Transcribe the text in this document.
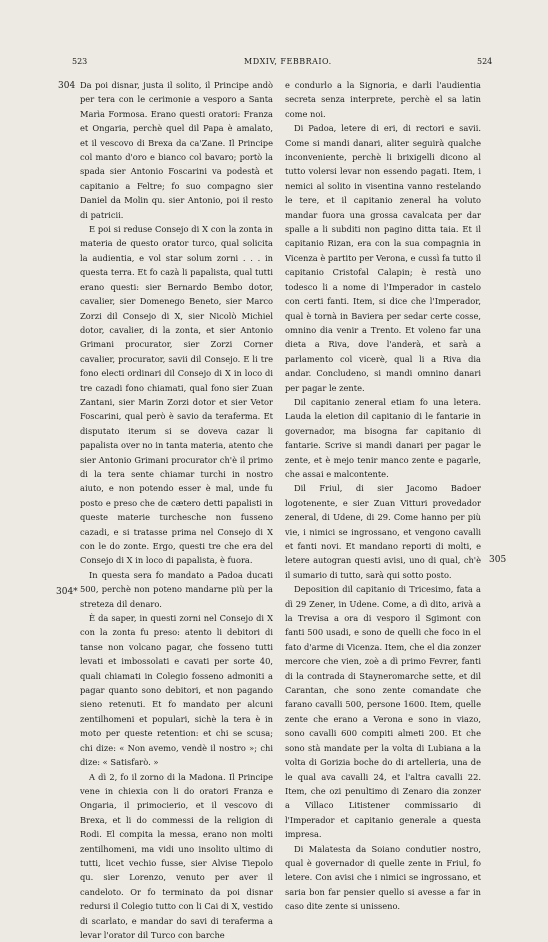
523	MDXIV, FEBBRAIO.	524
304
304*
305

Da poi disnar, justa il solito, il Principe andò per tera con le cerimonie a vesporo a Santa Marìa Formosa. Erano questi oratori: Franza et Ongaria, perchè quel dil Papa è amalato, et il vescovo di Brexa da ca'Zane. Il Principe col manto d'oro e bianco col bavaro; portò la spada sier Antonio Foscarini va podestà et capitanio a Feltre; fo suo compagno sier Daniel da Molin qu. sier Antonio, poi il resto di patricii.

E poi si reduse Consejo di X con la zonta in materia de questo orator turco, qual solicita la audientia, e vol star solum zorni . . . in questa terra. Et fo cazà li papalista, qual tutti erano questi: sier Bernardo Bembo dotor, cavalier, sier Domenego Beneto, sier Marco Zorzi dil Consejo di X, sier Nicolò Michiel dotor, cavalier, di la zonta, et sier Antonio Grimani procurator, sier Zorzi Corner cavalier, procurator, savii dil Consejo. E li tre fono electi ordinari dil Consejo di X in loco di tre cazadi fono chiamati, qual fono sier Zuan Zantani, sier Marin Zorzi dotor et sier Vetor Foscarini, qual però è savio da teraferma. Et disputato iterum si se doveva cazar li papalista over no in tanta materia, atento che sier Antonio Grimani procurator ch'è il primo di la tera sente chiamar turchi in nostro aiuto, e non potendo esser è mal, unde fu posto e preso che de cætero detti papalisti in queste materie turchesche non fusseno cazadi, e si tratasse prima nel Consejo di X con le do zonte. Ergo, questi tre che era del Consejo di X in loco di papalista, è fuora.

In questa sera fo mandato a Padoa ducati 500, perchè non poteno mandarne più per la streteza dil denaro.

È da saper, in questi zorni nel Consejo di X con la zonta fu preso: atento li debitori di tanse non volcano pagar, che fosseno tutti levati et imbossolati e cavati per sorte 40, quali chiamati in Colegio fosseno admoniti a pagar quanto sono debitori, et non pagando sieno retenuti. Et fo mandato per alcuni zentilhomeni et populari, sichè la tera è in moto per queste retention: et chi se scusa; chi dize: « Non avemo, vendè il nostro »; chi dize: « Satisfarò. »

A dì 2, fo il zorno di la Madona. Il Principe vene in chiexia con li do oratori Franza e Ongaria, il primocierio, et il vescovo di Brexa, et li do commessi de la religion di Rodi. El compita la messa, erano non molti zentilhomeni, ma vidi uno insolito ultimo di tutti, licet vechio fusse, sier Alvise Tiepolo qu. sier Lorenzo, venuto per aver il candeloto. Or fo terminato da poi disnar redursi il Colegio tutto con li Cai di X, vestido di scarlato, e mandar do savi di teraferma a levar l'orator dil Turco con barche

e condurlo a la Signoria, e darli l'audientia secreta senza interprete, perchè el sa latin come noi.

Di Padoa, letere di eri, di rectori e savii. Come si mandi danari, aliter seguirà qualche inconveniente, perchè li brixigelli dicono al tutto volersi levar non essendo pagati. Item, i nemici al solito in visentina vanno restelando le tere, et il capitanio zeneral ha voluto mandar fuora una grossa cavalcata per dar spalle a li subditi non pagino ditta taia. Et il capitanio Rizan, era con la sua compagnia in Vicenza è partito per Verona, e cussì fa tutto il capitanio Cristofal Calapin; è restà uno todesco li a nome di l'Imperador in castelo con certi fanti. Item, si dice che l'Imperador, qual è tornà in Baviera per sedar certe cosse, omnino dia venir a Trento. Et voleno far una dieta a Riva, dove l'anderà, et sarà a parlamento col vicerè, qual li a Riva dia andar. Concludeno, si mandi omnino danari per pagar le zente.

Dil capitanio zeneral etiam fo una letera. Lauda la eletion dil capitanio di le fantarie in governador, ma bisogna far capitanio di fantarie. Scrive si mandi danari per pagar le zente, et è mejo tenir manco zente e pagarle, che assai e malcontente.

Dil Friul, di sier Jacomo Badoer logotenente, e sier Zuan Vitturi provedador zeneral, di Udene, di 29. Come hanno per più vie, i nimici se ingrossano, et vengono cavalli et fanti novi. Et mandano reporti di molti, e letere autogran questi avisi, uno di qual, ch'è il sumario di tutto, sarà qui sotto posto.

Deposition dil capitanio di Tricesimo, fata a dì 29 Zener, in Udene. Come, a dì dito, arivà a la Trevisa a ora di vesporo il Sgimont con fanti 500 usadi, e sono de quelli che foco in el fato d'arme di Vicenza. Item, che el dia zonzer mercore che vien, zoè a dì primo Fevrer, fanti di la contrada di Stayneromarche sette, et dil Carantan, che sono zente comandate che farano cavalli 500, persone 1600. Item, quelle zente che erano a Verona e sono in viazo, sono cavalli 600 compiti almeti 200. Et che sono stà mandate per la volta di Lubiana a la volta di Gorizia boche do di artelleria, una de le qual ava cavalli 24, et l'altra cavalli 22. Item, che ozi penultimo di Zenaro dia zonzer a Villaco Litistener commissario di l'Imperador et capitanio generale a questa impresa.

Di Malatesta da Soiano condutier nostro, qual è governador di quelle zente in Friul, fo letere. Con avisi che i nimici se ingrossano, et saria bon far pensier quello si avesse a far in caso dite zente si unisseno.
